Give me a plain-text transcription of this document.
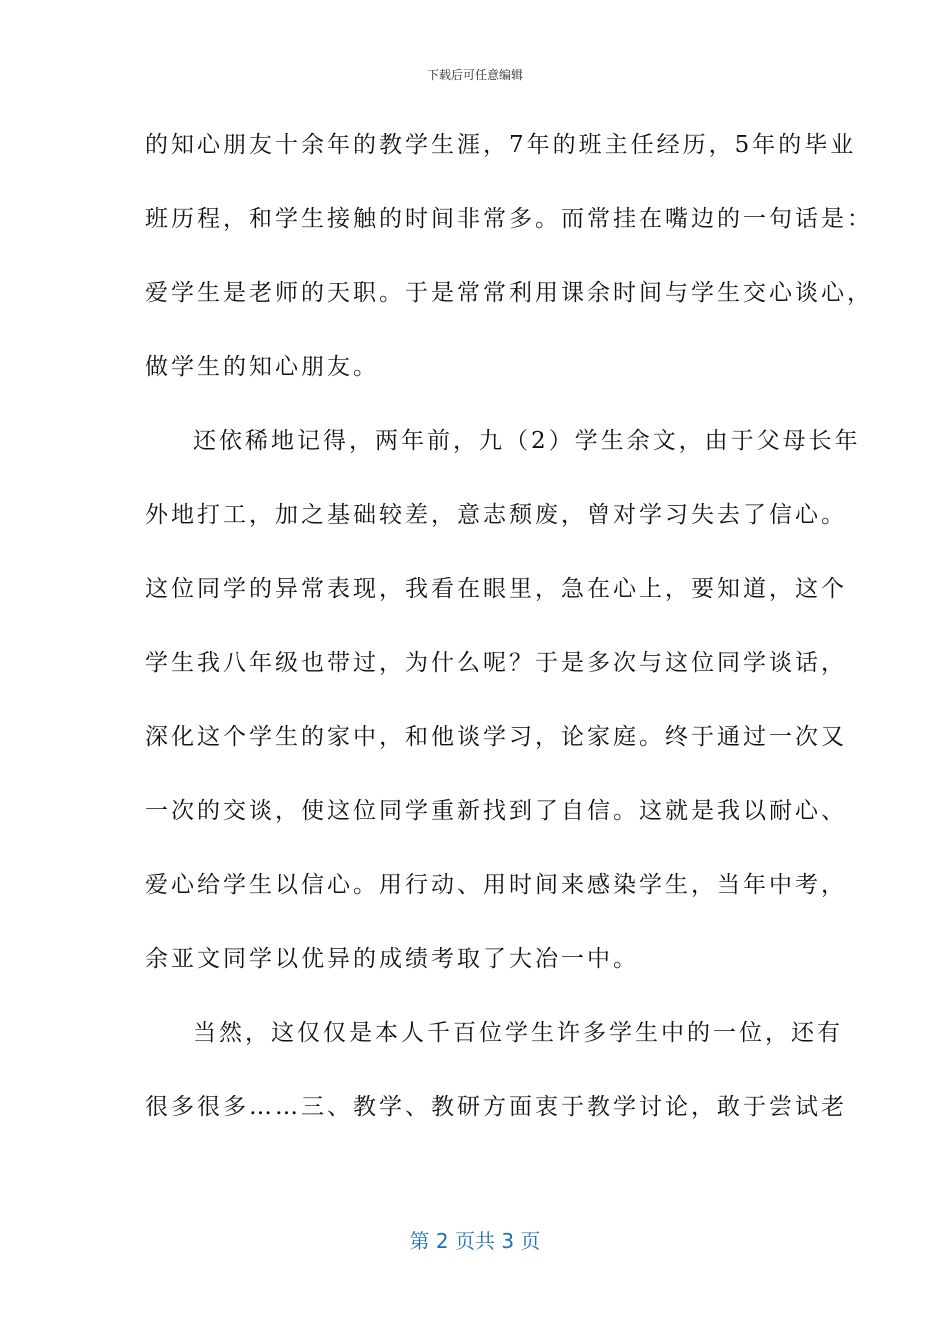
下载后可任意编辑
的知心朋友十余年的教学生涯，7年的班主任经历，5年的毕业
班历程，和学生接触的时间非常多。而常挂在嘴边的一句话是：
爱学生是老师的天职。于是常常利用课余时间与学生交心谈心，
做学生的知心朋友。
还依稀地记得，两年前，九（2）学生余文，由于父母长年
外地打工，加之基础较差，意志颓废，曾对学习失去了信心。
这位同学的异常表现，我看在眼里，急在心上，要知道，这个
学生我八年级也带过，为什么呢？于是多次与这位同学谈话，
深化这个学生的家中，和他谈学习，论家庭。终于通过一次又
一次的交谈，使这位同学重新找到了自信。这就是我以耐心、
爱心给学生以信心。用行动、用时间来感染学生，当年中考，
余亚文同学以优异的成绩考取了大冶一中。
当然，这仅仅是本人千百位学生许多学生中的一位，还有
很多很多……三、教学、教研方面衷于教学讨论，敢于尝试老
第 2 页共 3 页
